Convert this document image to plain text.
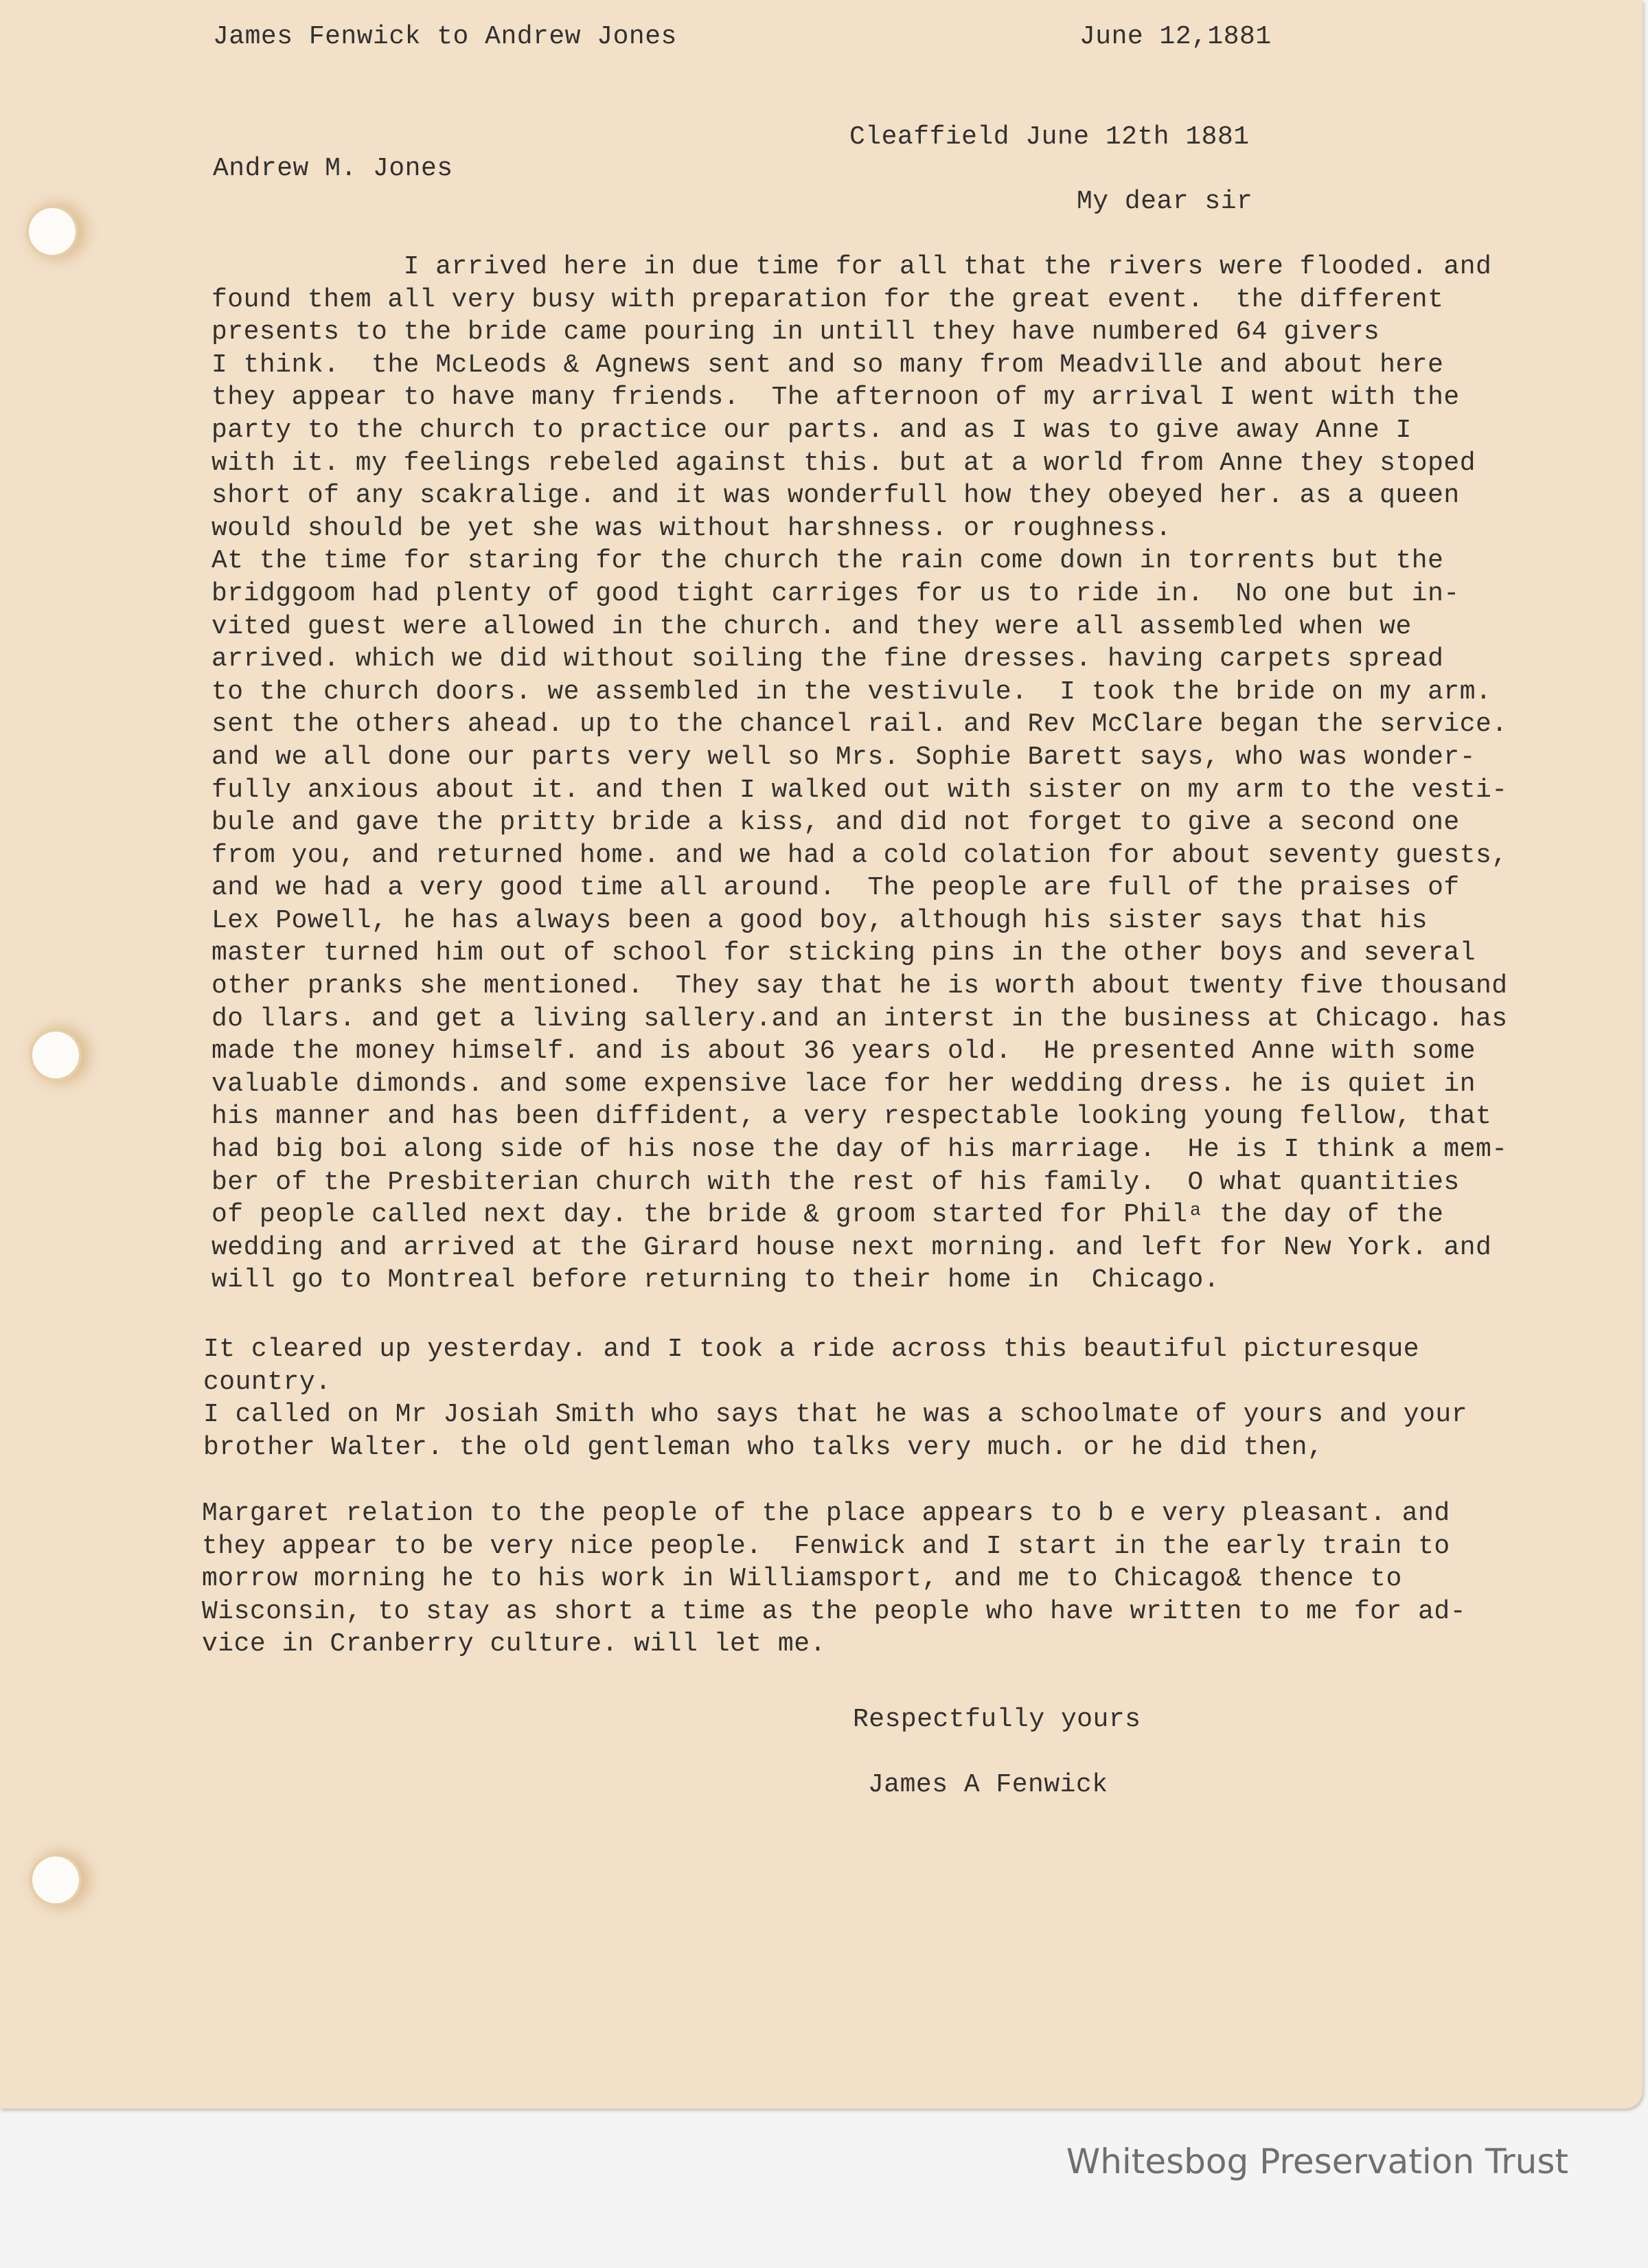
James Fenwick to Andrew Jones	June 12,1881

Cleaffield June 12th 1881

Andrew M. Jones

My dear sir

I arrived here in due time for all that the rivers were flooded. and
found them all very busy with preparation for the great event.  the different
presents to the bride came pouring in untill they have numbered 64 givers
I think.  the McLeods & Agnews sent and so many from Meadville and about here
they appear to have many friends.  The afternoon of my arrival I went with the
party to the church to practice our parts. and as I was to give away Anne I
with it. my feelings rebeled against this. but at a world from Anne they stoped
short of any scakralige. and it was wonderfull how they obeyed her. as a queen
would should be yet she was without harshness. or roughness.
At the time for staring for the church the rain come down in torrents but the
bridggoom had plenty of good tight carriges for us to ride in.  No one but in-
vited guest were allowed in the church. and they were all assembled when we
arrived. which we did without soiling the fine dresses. having carpets spread
to the church doors. we assembled in the vestivule.  I took the bride on my arm.
sent the others ahead. up to the chancel rail. and Rev McClare began the service.
and we all done our parts very well so Mrs. Sophie Barett says, who was wonder-
fully anxious about it. and then I walked out with sister on my arm to the vesti-
bule and gave the pritty bride a kiss, and did not forget to give a second one
from you, and returned home. and we had a cold colation for about seventy guests,
and we had a very good time all around.  The people are full of the praises of
Lex Powell, he has always been a good boy, although his sister says that his
master turned him out of school for sticking pins in the other boys and several
other pranks she mentioned.  They say that he is worth about twenty five thousand
do llars. and get a living sallery.and an interst in the business at Chicago. has
made the money himself. and is about 36 years old.  He presented Anne with some
valuable dimonds. and some expensive lace for her wedding dress. he is quiet in
his manner and has been diffident, a very respectable looking young fellow, that
had big boi along side of his nose the day of his marriage.  He is I think a mem-
ber of the Presbiterian church with the rest of his family.  O what quantities
of people called next day. the bride & groom started for Philᵃ the day of the
wedding and arrived at the Girard house next morning. and left for New York. and
will go to Montreal before returning to their home in  Chicago.

It cleared up yesterday. and I took a ride across this beautiful picturesque
country.
I called on Mr Josiah Smith who says that he was a schoolmate of yours and your
brother Walter. the old gentleman who talks very much. or he did then,

Margaret relation to the people of the place appears to b e very pleasant. and
they appear to be very nice people.  Fenwick and I start in the early train to
morrow morning he to his work in Williamsport, and me to Chicago& thence to
Wisconsin, to stay as short a time as the people who have written to me for ad-
vice in Cranberry culture. will let me.

Respectfully yours

James A Fenwick

Whitesbog Preservation Trust
